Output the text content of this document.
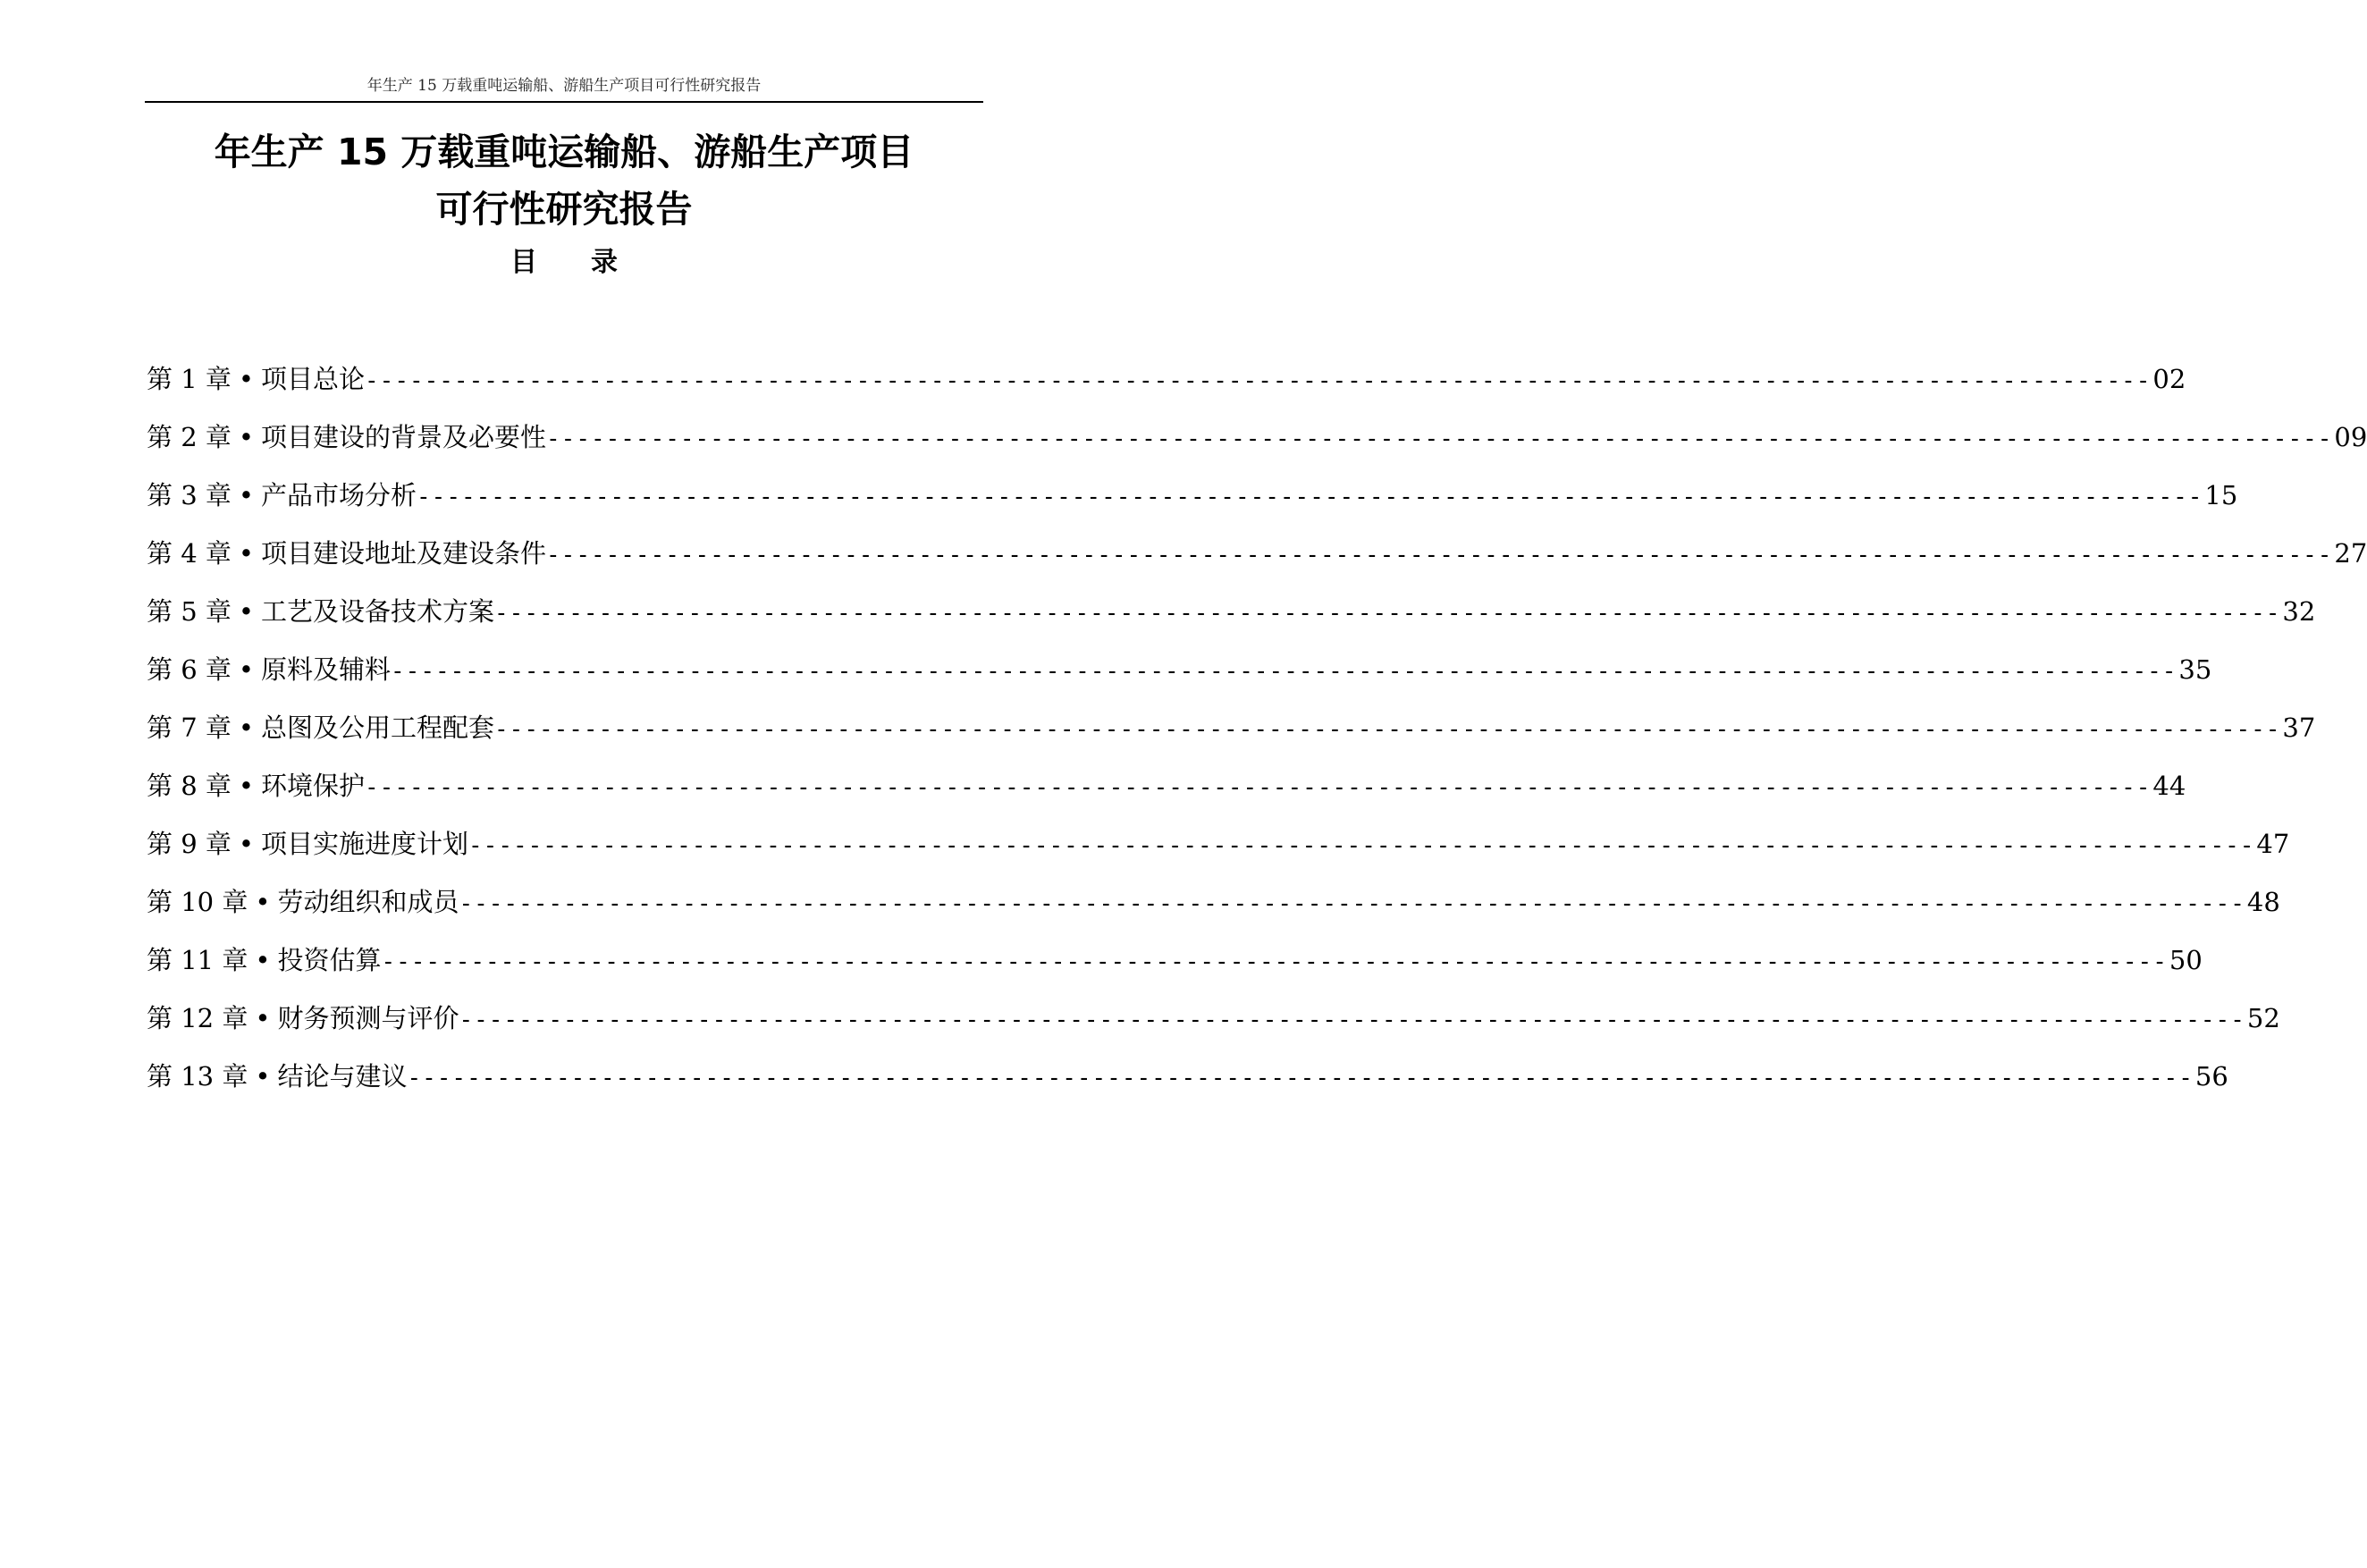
年生产 15 万载重吨运输船、游船生产项目可行性研究报告
年生产 15 万载重吨运输船、游船生产项目
可行性研究报告
目　　录
第 1 章 • 项目总论 ------------------------------------------------------------------------------------------------------------------------ 02
第 2 章 • 项目建设的背景及必要性 ------------------------------------------------------------------------------------------------------------------------ 09
第 3 章 • 产品市场分析 ------------------------------------------------------------------------------------------------------------------------ 15
第 4 章 • 项目建设地址及建设条件 ------------------------------------------------------------------------------------------------------------------------ 27
第 5 章 • 工艺及设备技术方案 ------------------------------------------------------------------------------------------------------------------------ 32
第 6 章 • 原料及辅料 ------------------------------------------------------------------------------------------------------------------------ 35
第 7 章 • 总图及公用工程配套 ------------------------------------------------------------------------------------------------------------------------ 37
第 8 章 • 环境保护 ------------------------------------------------------------------------------------------------------------------------ 44
第 9 章 • 项目实施进度计划 ------------------------------------------------------------------------------------------------------------------------ 47
第 10 章 • 劳动组织和成员 ------------------------------------------------------------------------------------------------------------------------ 48
第 11 章 • 投资估算 ------------------------------------------------------------------------------------------------------------------------ 50
第 12 章 • 财务预测与评价 ------------------------------------------------------------------------------------------------------------------------ 52
第 13 章 • 结论与建议 ------------------------------------------------------------------------------------------------------------------------ 56
